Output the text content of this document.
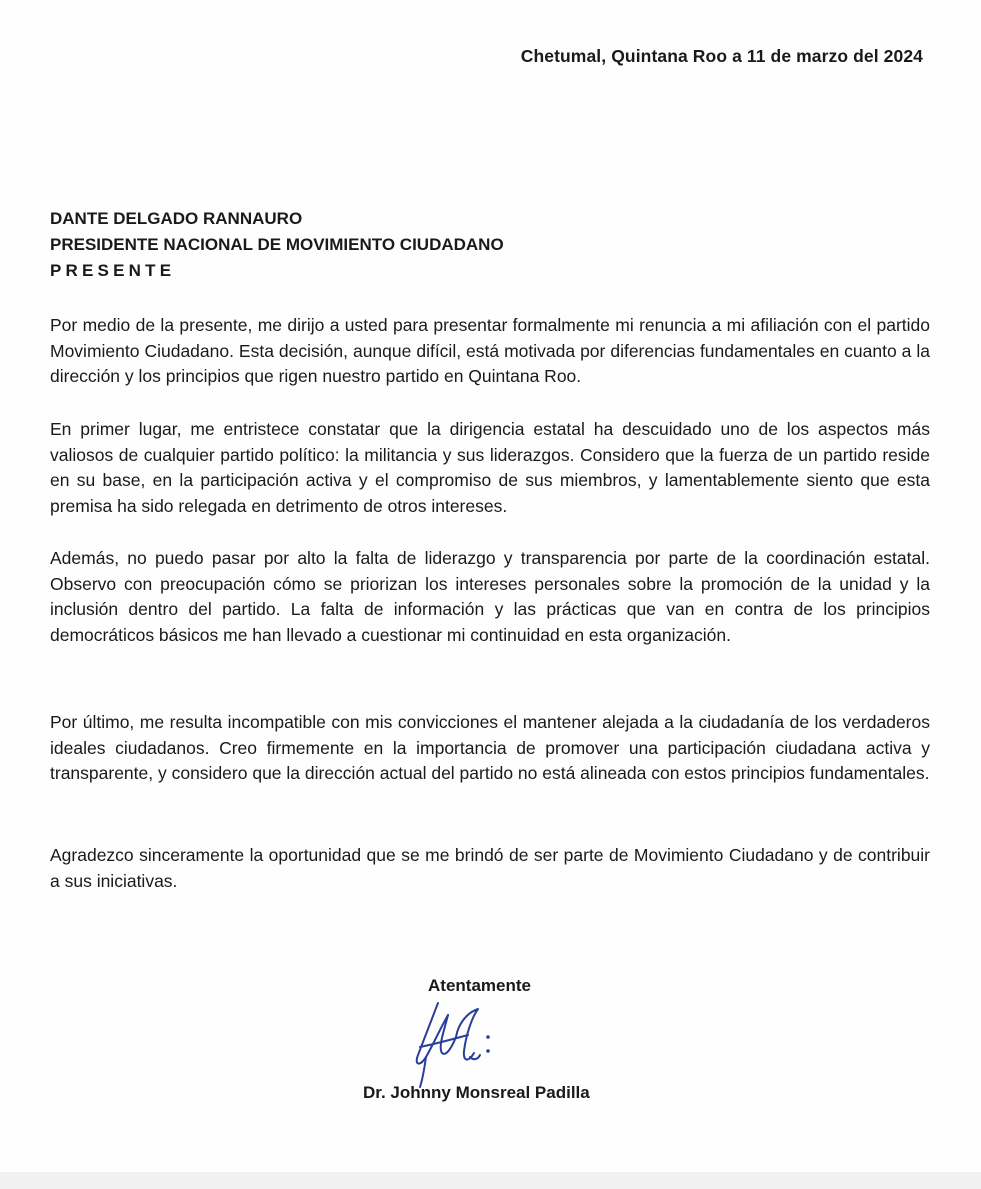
Chetumal, Quintana Roo a 11 de marzo del 2024
DANTE DELGADO RANNAURO
PRESIDENTE NACIONAL DE MOVIMIENTO CIUDADANO
PRESENTE

Por medio de la presente, me dirijo a usted para presentar formalmente mi renuncia a mi afiliación con el partido Movimiento Ciudadano. Esta decisión, aunque difícil, está motivada por diferencias fundamentales en cuanto a la dirección y los principios que rigen nuestro partido en Quintana Roo.

En primer lugar, me entristece constatar que la dirigencia estatal ha descuidado uno de los aspectos más valiosos de cualquier partido político: la militancia y sus liderazgos. Considero que la fuerza de un partido reside en su base, en la participación activa y el compromiso de sus miembros, y lamentablemente siento que esta premisa ha sido relegada en detrimento de otros intereses.

Además, no puedo pasar por alto la falta de liderazgo y transparencia por parte de la coordinación estatal. Observo con preocupación cómo se priorizan los intereses personales sobre la promoción de la unidad y la inclusión dentro del partido. La falta de información y las prácticas que van en contra de los principios democráticos básicos me han llevado a cuestionar mi continuidad en esta organización.

Por último, me resulta incompatible con mis convicciones el mantener alejada a la ciudadanía de los verdaderos ideales ciudadanos. Creo firmemente en la importancia de promover una participación ciudadana activa y transparente, y considero que la dirección actual del partido no está alineada con estos principios fundamentales.

Agradezco sinceramente la oportunidad que se me brindó de ser parte de Movimiento Ciudadano y de contribuir a sus iniciativas.

Atentamente
Dr. Johnny Monsreal Padilla
